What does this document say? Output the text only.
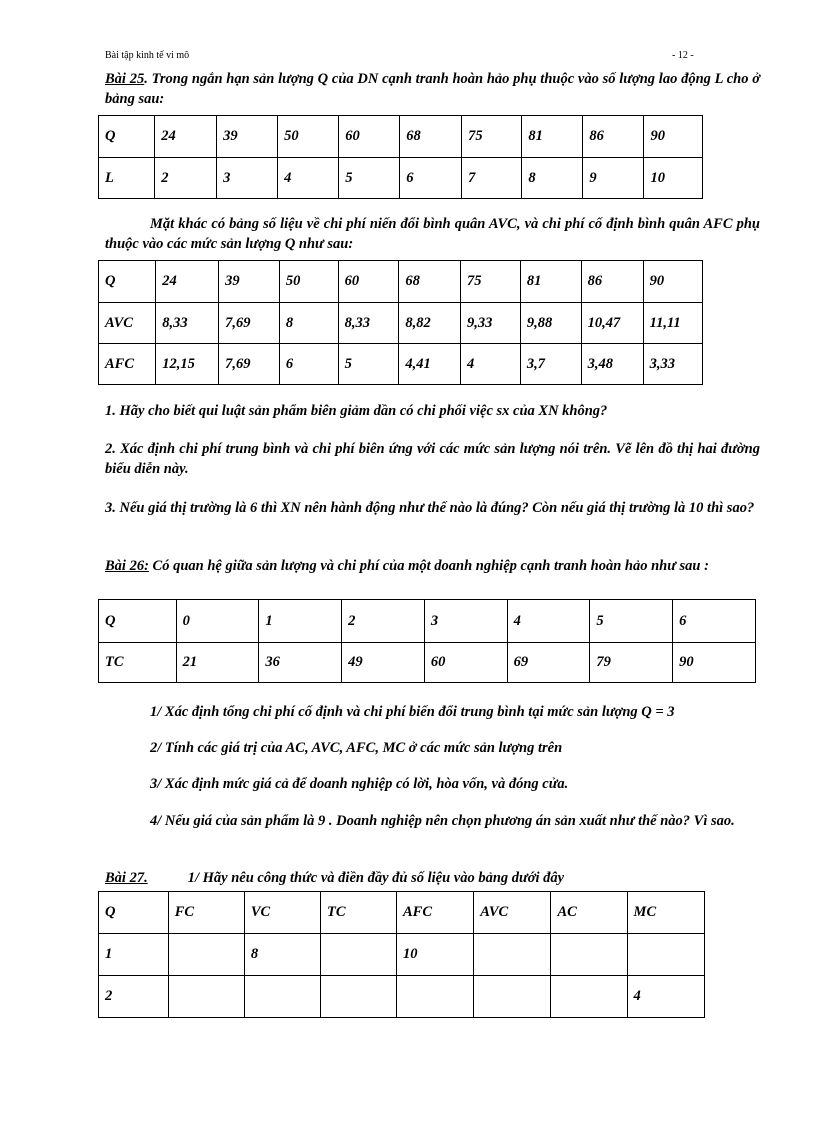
Bài tập kinh tế vi mô	- 12 -
Bài 25. Trong ngắn hạn sản lượng Q của DN cạnh tranh hoàn hảo phụ thuộc vào số lượng lao động L cho ở bảng sau:
Q	24	39	50	60	68	75	81	86	90
L	2	3	4	5	6	7	8	9	10
Mặt khác có bảng số liệu về chi phí niến đổi bình quân AVC, và chi phí cố định bình quân AFC phụ thuộc vào các mức sản lượng Q như sau:
Q	24	39	50	60	68	75	81	86	90
AVC	8,33	7,69	8	8,33	8,82	9,33	9,88	10,47	11,11
AFC	12,15	7,69	6	5	4,41	4	3,7	3,48	3,33
1. Hãy cho biết qui luật sản phẩm biên giảm dần có chi phối việc sx của XN không?
2. Xác định chi phí trung bình và chi phí biên ứng với các mức sản lượng nói trên. Vẽ lên đồ thị hai đường biểu diễn này.
3. Nếu giá thị trường là 6 thì XN nên hành động như thế nào là đúng? Còn nếu giá thị trường là 10 thì sao?
Bài 26: Có quan hệ giữa sản lượng và chi phí của một doanh nghiệp cạnh tranh hoàn hảo như sau :
Q	0	1	2	3	4	5	6
TC	21	36	49	60	69	79	90
1/ Xác định tổng chi phí cố định và chi phí biến đổi trung bình tại mức sản lượng Q = 3
2/ Tính các giá trị của AC, AVC, AFC, MC ở các mức sản lượng trên
3/ Xác định mức giá cả để doanh nghiệp có lời, hòa vốn, và đóng cửa.
4/ Nếu giá của sản phẩm là 9 . Doanh nghiệp nên chọn phương án sản xuất như thế nào? Vì sao.
Bài 27.	1/ Hãy nêu công thức và điền đầy đủ số liệu vào bảng dưới đây
Q	FC	VC	TC	AFC	AVC	AC	MC
1		8		10			
2							4
